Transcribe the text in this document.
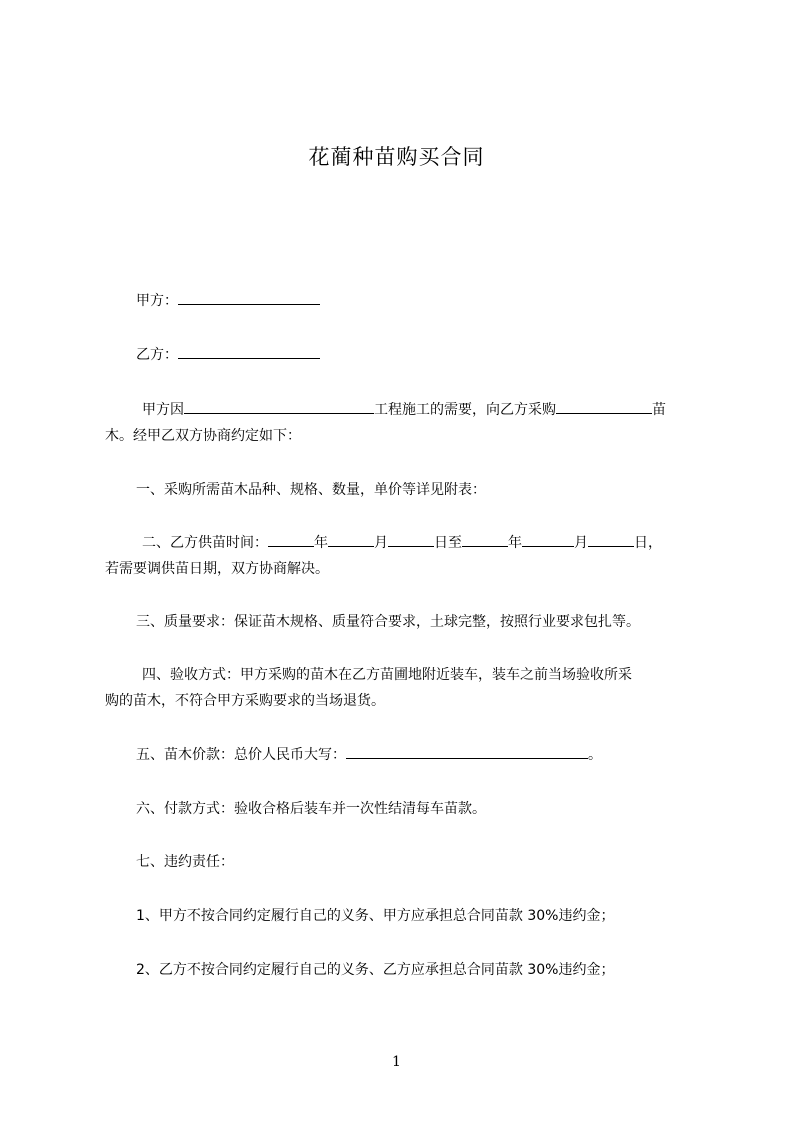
花蔺种苗购买合同
甲方：
乙方：
甲方因	工程施工的需要，向乙方采购	苗
木。经甲乙双方协商约定如下：
一、采购所需苗木品种、规格、数量，单价等详见附表：
二、乙方供苗时间：	年	月	日至	年	月	日，
若需要调供苗日期，双方协商解决。
三、质量要求：保证苗木规格、质量符合要求，土球完整，按照行业要求包扎等。
四、验收方式：甲方采购的苗木在乙方苗圃地附近装车，装车之前当场验收所采
购的苗木，不符合甲方采购要求的当场退货。
五、苗木价款：总价人民币大写：	。
六、付款方式：验收合格后装车并一次性结清每车苗款。
七、违约责任：
1、甲方不按合同约定履行自己的义务、甲方应承担总合同苗款 30%违约金；
2、乙方不按合同约定履行自己的义务、乙方应承担总合同苗款 30%违约金；
1
